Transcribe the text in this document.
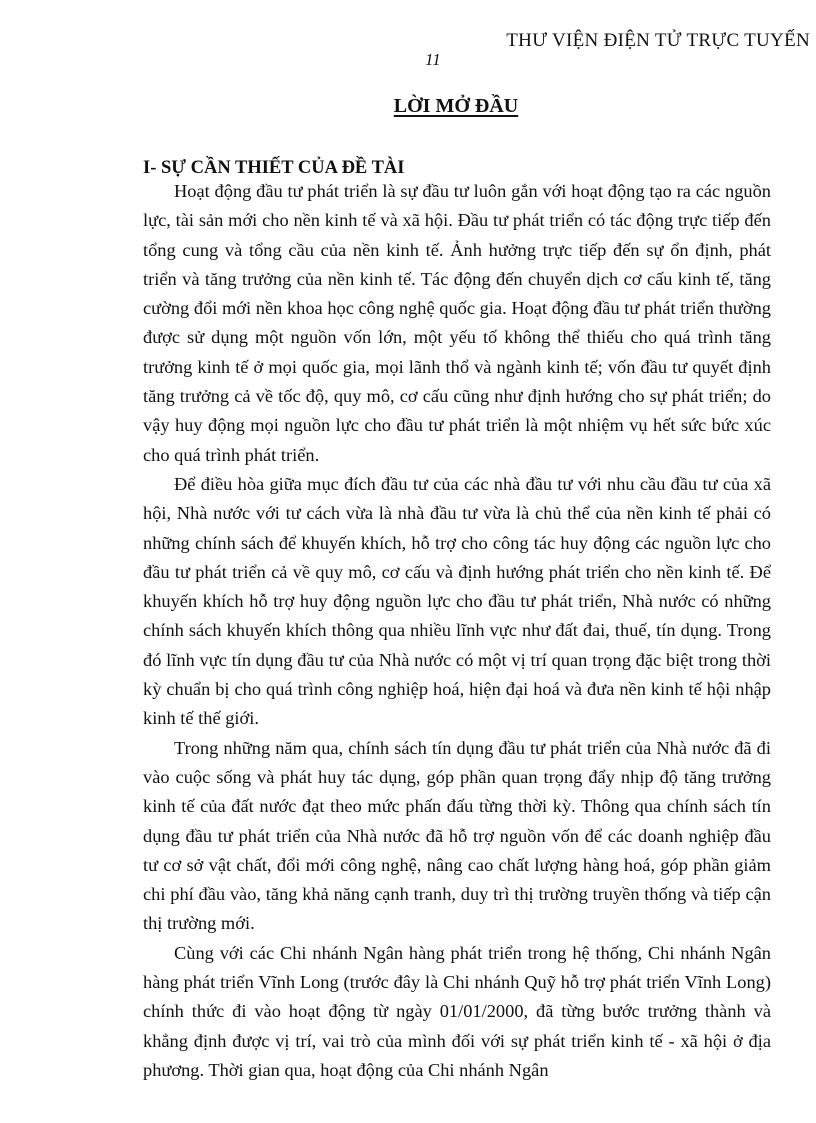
THƯ VIỆN ĐIỆN TỬ TRỰC TUYẾN
11
LỜI MỞ ĐẦU
I- SỰ CẦN THIẾT CỦA ĐỀ TÀI

Hoạt động đầu tư phát triển là sự đầu tư luôn gắn với hoạt động tạo ra các nguồn lực, tài sản mới cho nền kinh tế và xã hội. Đầu tư phát triển có tác động trực tiếp đến tổng cung và tổng cầu của nền kinh tế. Ảnh hưởng trực tiếp đến sự ổn định, phát triển và tăng trưởng của nền kinh tế. Tác động đến chuyển dịch cơ cấu kinh tế, tăng cường đổi mới nền khoa học công nghệ quốc gia. Hoạt động đầu tư phát triển thường được sử dụng một nguồn vốn lớn, một yếu tố không thể thiếu cho quá trình tăng trưởng kinh tế ở mọi quốc gia, mọi lãnh thổ và ngành kinh tế; vốn đầu tư quyết định tăng trưởng cả về tốc độ, quy mô, cơ cấu cũng như định hướng cho sự phát triển; do vậy huy động mọi nguồn lực cho đầu tư phát triển là một nhiệm vụ hết sức bức xúc cho quá trình phát triển.

Để điều hòa giữa mục đích đầu tư của các nhà đầu tư với nhu cầu đầu tư của xã hội, Nhà nước với tư cách vừa là nhà đầu tư vừa là chủ thể của nền kinh tế phải có những chính sách để khuyến khích, hỗ trợ cho công tác huy động các nguồn lực cho đầu tư phát triển cả về quy mô, cơ cấu và định hướng phát triển cho nền kinh tế. Để khuyến khích hỗ trợ huy động nguồn lực cho đầu tư phát triển, Nhà nước có những chính sách khuyến khích thông qua nhiều lĩnh vực như đất đai, thuế, tín dụng. Trong đó lĩnh vực tín dụng đầu tư của Nhà nước có một vị trí quan trọng đặc biệt trong thời kỳ chuẩn bị cho quá trình công nghiệp hoá, hiện đại hoá và đưa nền kinh tế hội nhập kinh tế thế giới.

Trong những năm qua, chính sách tín dụng đầu tư phát triển của Nhà nước đã đi vào cuộc sống và phát huy tác dụng, góp phần quan trọng đẩy nhịp độ tăng trưởng kinh tế của đất nước đạt theo mức phấn đấu từng thời kỳ. Thông qua chính sách tín dụng đầu tư phát triển của Nhà nước đã hỗ trợ nguồn vốn để các doanh nghiệp đầu tư cơ sở vật chất, đổi mới công nghệ, nâng cao chất lượng hàng hoá, góp phần giảm chi phí đầu vào, tăng khả năng cạnh tranh, duy trì thị trường truyền thống và tiếp cận thị trường mới.

Cùng với các Chi nhánh Ngân hàng phát triển trong hệ thống, Chi nhánh Ngân hàng phát triển Vĩnh Long (trước đây là Chi nhánh Quỹ hỗ trợ phát triển Vĩnh Long) chính thức đi vào hoạt động từ ngày 01/01/2000, đã từng bước trưởng thành và khẳng định được vị trí, vai trò của mình đối với sự phát triển kinh tế - xã hội ở địa phương. Thời gian qua, hoạt động của Chi nhánh Ngân
